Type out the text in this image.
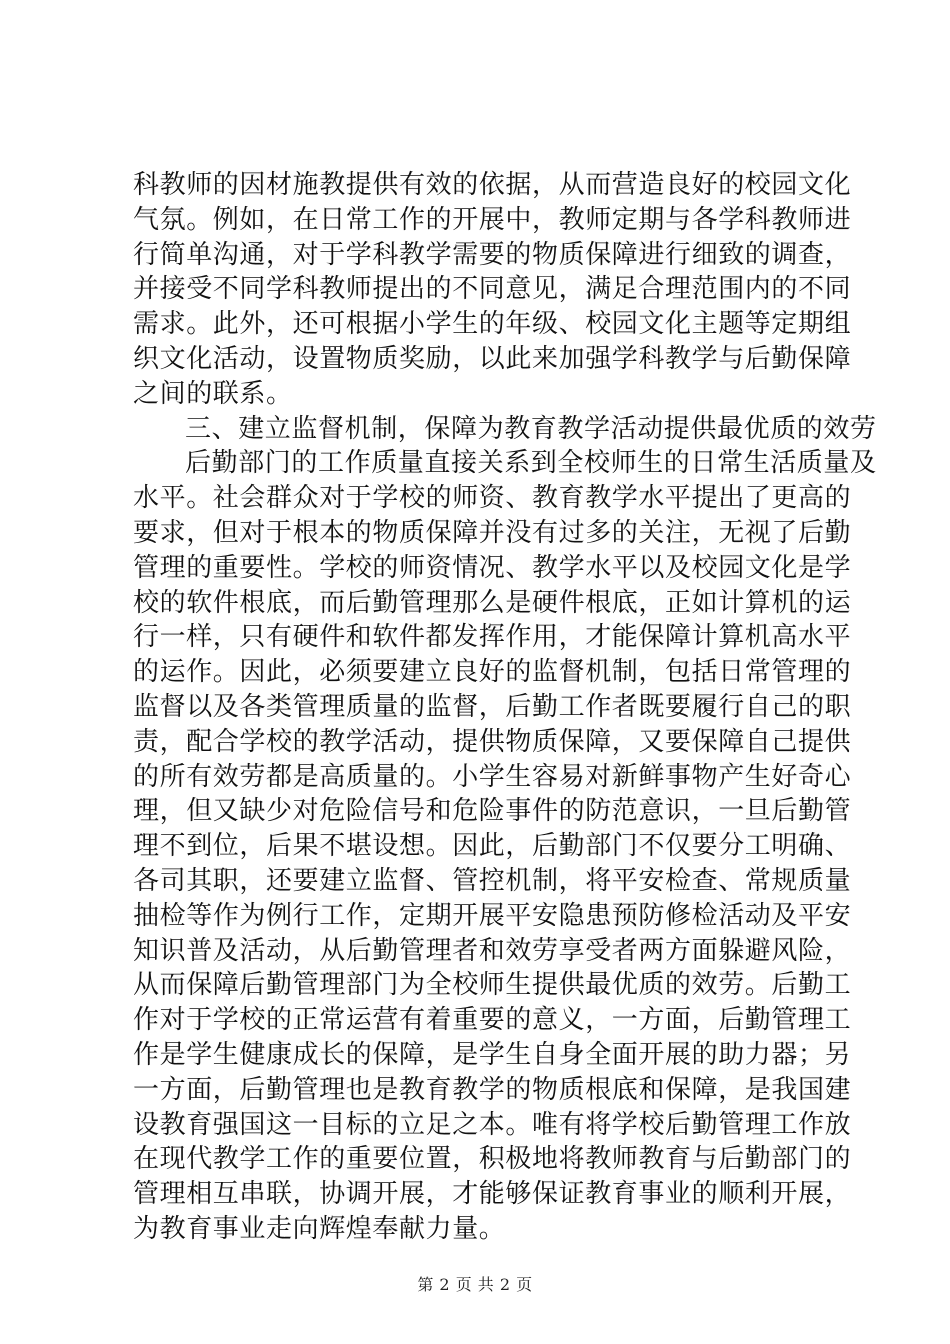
科教师的因材施教提供有效的依据，从而营造良好的校园文化
气氛。例如，在日常工作的开展中，教师定期与各学科教师进
行简单沟通，对于学科教学需要的物质保障进行细致的调查，
并接受不同学科教师提出的不同意见，满足合理范围内的不同
需求。此外，还可根据小学生的年级、校园文化主题等定期组
织文化活动，设置物质奖励，以此来加强学科教学与后勤保障
之间的联系。
三、建立监督机制，保障为教育教学活动提供最优质的效劳
后勤部门的工作质量直接关系到全校师生的日常生活质量及
水平。社会群众对于学校的师资、教育教学水平提出了更高的
要求，但对于根本的物质保障并没有过多的关注，无视了后勤
管理的重要性。学校的师资情况、教学水平以及校园文化是学
校的软件根底，而后勤管理那么是硬件根底，正如计算机的运
行一样，只有硬件和软件都发挥作用，才能保障计算机高水平
的运作。因此，必须要建立良好的监督机制，包括日常管理的
监督以及各类管理质量的监督，后勤工作者既要履行自己的职
责，配合学校的教学活动，提供物质保障，又要保障自己提供
的所有效劳都是高质量的。小学生容易对新鲜事物产生好奇心
理，但又缺少对危险信号和危险事件的防范意识，一旦后勤管
理不到位，后果不堪设想。因此，后勤部门不仅要分工明确、
各司其职，还要建立监督、管控机制，将平安检查、常规质量
抽检等作为例行工作，定期开展平安隐患预防修检活动及平安
知识普及活动，从后勤管理者和效劳享受者两方面躲避风险，
从而保障后勤管理部门为全校师生提供最优质的效劳。后勤工
作对于学校的正常运营有着重要的意义，一方面，后勤管理工
作是学生健康成长的保障，是学生自身全面开展的助力器；另
一方面，后勤管理也是教育教学的物质根底和保障，是我国建
设教育强国这一目标的立足之本。唯有将学校后勤管理工作放
在现代教学工作的重要位置，积极地将教师教育与后勤部门的
管理相互串联，协调开展，才能够保证教育事业的顺利开展，
为教育事业走向辉煌奉献力量。
第 2 页 共 2 页
